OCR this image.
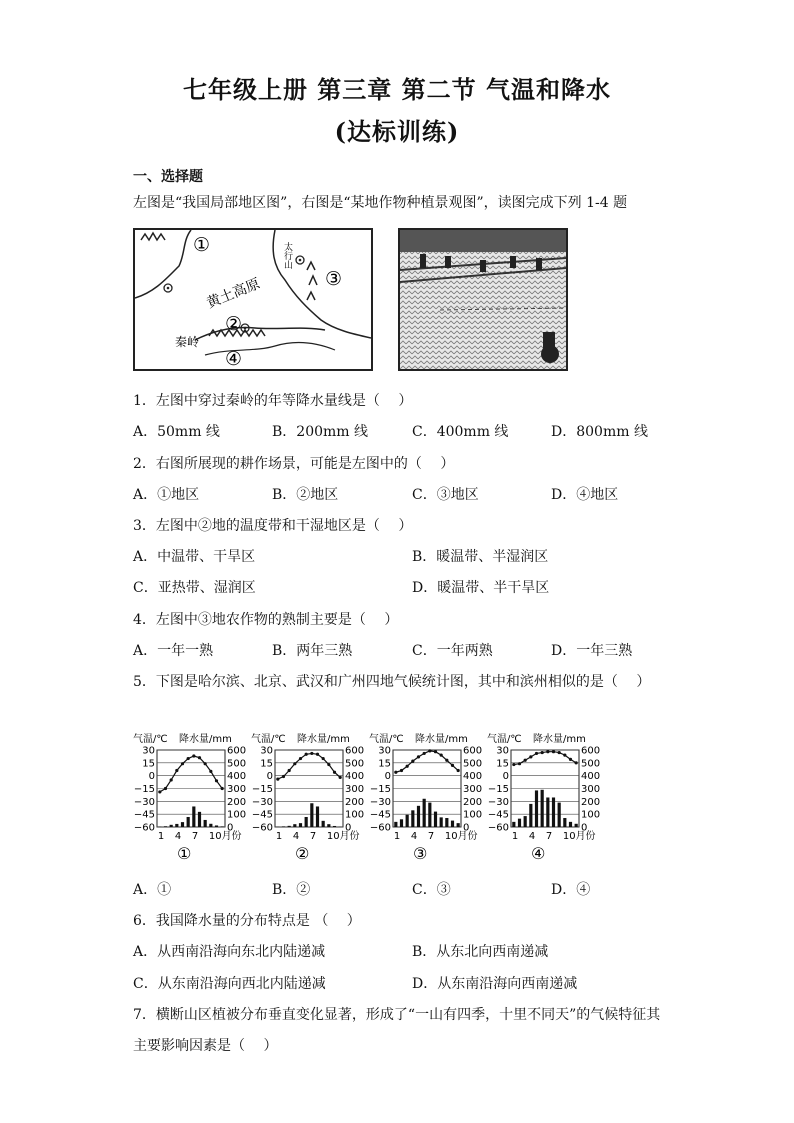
七年级上册 第三章 第二节 气温和降水
(达标训练)
一、选择题
左图是“我国局部地区图”，右图是“某地作物种植景观图”，读图完成下列 1-4 题
①
②
③
④
黄土高原
秦岭
太行山
1．左图中穿过秦岭的年等降水量线是（　 ）
A．50mm 线	B．200mm 线	C．400mm 线	D．800mm 线
2．右图所展现的耕作场景，可能是左图中的（　 ）
A．①地区	B．②地区	C．③地区	D．④地区
3．左图中②地的温度带和干湿地区是（　 ）
A．中温带、干旱区	B．暖温带、半湿润区
C．亚热带、湿润区	D．暖温带、半干旱区
4．左图中③地农作物的熟制主要是（　 ）
A．一年一熟	B．两年三熟	C．一年两熟	D．一年三熟
5．下图是哈尔滨、北京、武汉和广州四地气候统计图，其中和滨州相似的是（　 ）
气温/℃ 降水量/mm
30	600
15	500
0	400
−15	300
−30	200
−45	100
−60	0
1 4 7 10月份
①
气温/℃ 降水量/mm
30	600
15	500
0	400
−15	300
−30	200
−45	100
−60	0
1 4 7 10月份
②
气温/℃ 降水量/mm
30	600
15	500
0	400
−15	300
−30	200
−45	100
−60	0
1 4 7 10月份
③
气温/℃ 降水量/mm
30	600
15	500
0	400
−15	300
−30	200
−45	100
−60	0
1 4 7 10月份
④
A．①	B．②	C．③	D．④
6．我国降水量的分布特点是 （　 ）
A．从西南沿海向东北内陆递减	B．从东北向西南递减
C．从东南沿海向西北内陆递减	D．从东南沿海向西南递减
7．横断山区植被分布垂直变化显著，形成了“一山有四季，十里不同天”的气候特征其
主要影响因素是（　 ）
